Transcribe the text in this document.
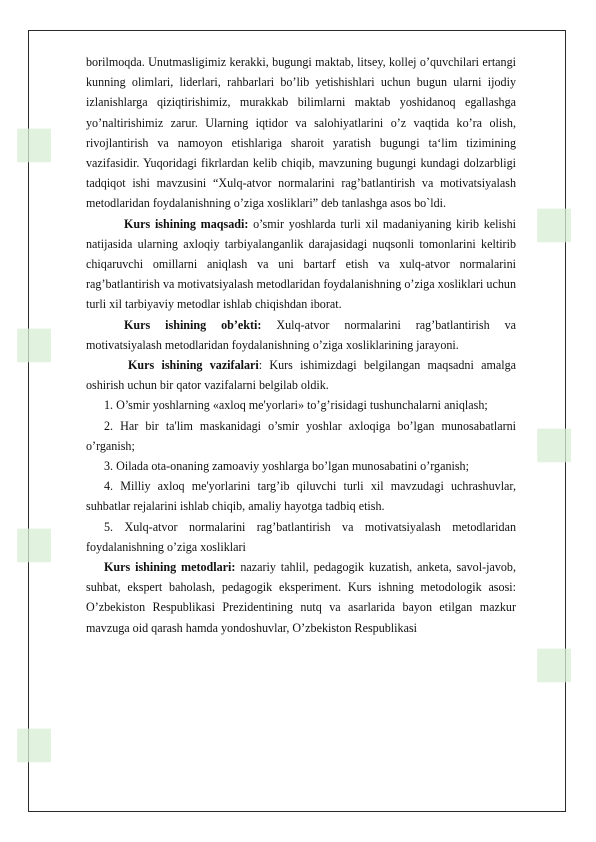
■
■
■
■
■
■
■

borilmoqda. Unutmasligimiz kerakki, bugungi maktab, litsey, kollej o’quvchilari ertangi kunning olimlari, liderlari, rahbarlari bo’lib yetishishlari uchun bugun ularni ijodiy izlanishlarga qiziqtirishimiz, murakkab bilimlarni maktab yoshidanoq egallashga yo’naltirishimiz zarur. Ularning iqtidor va salohiyatlarini o’z vaqtida ko’ra olish, rivojlantirish va namoyon etishlariga sharoit yaratish bugungi ta‘lim tizimining vazifasidir. Yuqoridagi fikrlardan kelib chiqib, mavzuning bugungi kundagi dolzarbligi tadqiqot ishi mavzusini “Xulq-atvor normalarini rag’batlantirish va motivatsiyalash metodlaridan foydalanishning o’ziga xosliklari” deb tanlashga asos bo`ldi.

Kurs ishining maqsadi: o’smir yoshlarda turli xil madaniyaning kirib kelishi natijasida ularning axloqiy tarbiyalanganlik darajasidagi nuqsonli tomonlarini keltirib chiqaruvchi omillarni aniqlash va uni bartarf etish va xulq-atvor normalarini rag’batlantirish va motivatsiyalash metodlaridan foydalanishning o’ziga xosliklari uchun turli xil tarbiyaviy metodlar ishlab chiqishdan iborat.

Kurs ishining ob’ekti: Xulq-atvor normalarini rag’batlantirish va motivatsiyalash metodlaridan foydalanishning o’ziga xosliklarining jarayoni.

Kurs ishining vazifalari: Kurs ishimizdagi belgilangan maqsadni amalga oshirish uchun bir qator vazifalarni belgilab oldik.

1. O’smir yoshlarning «axloq me'yorlari» to’g’risidagi tushunchalarni aniqlash;

2. Har bir ta'lim maskanidagi o’smir yoshlar axloqiga bo’lgan munosabatlarni o’rganish;

3. Oilada ota-onaning zamoaviy yoshlarga bo’lgan munosabatini o’rganish;

4. Milliy axloq me'yorlarini targ’ib qiluvchi turli xil mavzudagi uchrashuvlar, suhbatlar rejalarini ishlab chiqib, amaliy hayotga tadbiq etish.

5. Xulq-atvor normalarini rag’batlantirish va motivatsiyalash metodlaridan foydalanishning o’ziga xosliklari

Kurs ishining metodlari: nazariy tahlil, pedagogik kuzatish, anketa, savol-javob, suhbat, ekspert baholash, pedagogik eksperiment. Kurs ishning metodologik asosi: O’zbekiston Respublikasi Prezidentining nutq va asarlarida bayon etilgan mazkur mavzuga oid qarash hamda yondoshuvlar, O’zbekiston Respublikasi
